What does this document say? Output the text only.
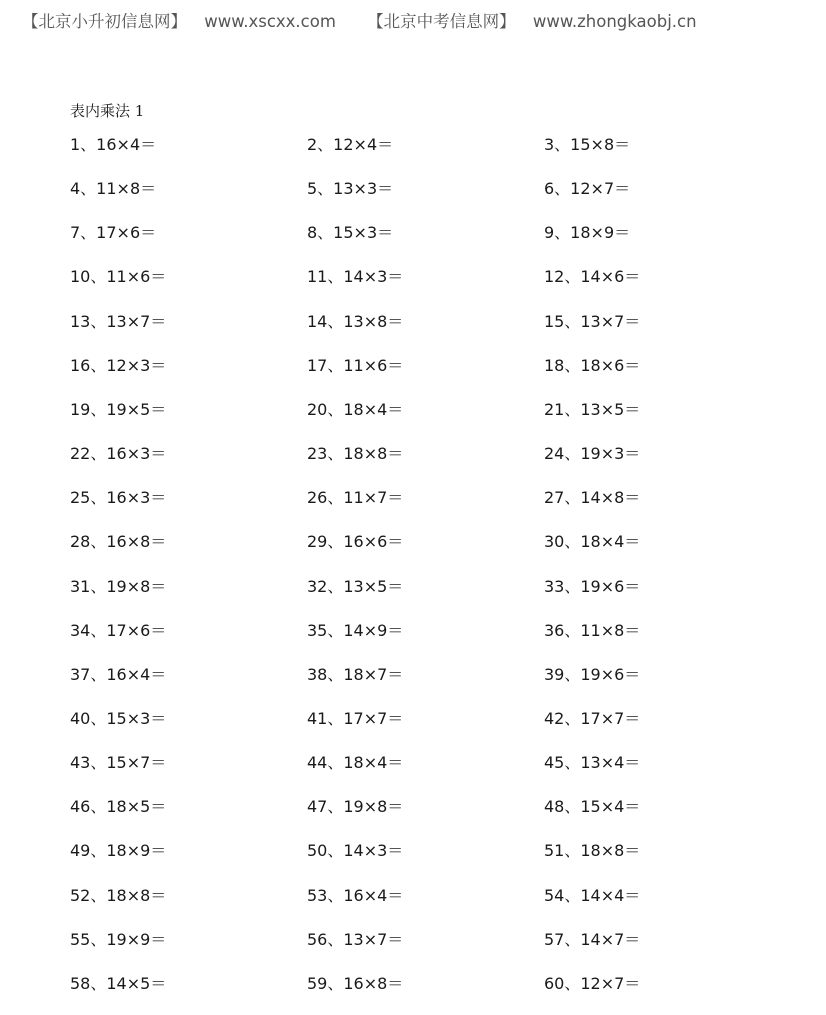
【北京小升初信息网】 www.xscxx.com 【北京中考信息网】 www.zhongkaobj.cn
表内乘法 1
1、16×4＝	2、12×4＝	3、15×8＝
4、11×8＝	5、13×3＝	6、12×7＝
7、17×6＝	8、15×3＝	9、18×9＝
10、11×6＝	11、14×3＝	12、14×6＝
13、13×7＝	14、13×8＝	15、13×7＝
16、12×3＝	17、11×6＝	18、18×6＝
19、19×5＝	20、18×4＝	21、13×5＝
22、16×3＝	23、18×8＝	24、19×3＝
25、16×3＝	26、11×7＝	27、14×8＝
28、16×8＝	29、16×6＝	30、18×4＝
31、19×8＝	32、13×5＝	33、19×6＝
34、17×6＝	35、14×9＝	36、11×8＝
37、16×4＝	38、18×7＝	39、19×6＝
40、15×3＝	41、17×7＝	42、17×7＝
43、15×7＝	44、18×4＝	45、13×4＝
46、18×5＝	47、19×8＝	48、15×4＝
49、18×9＝	50、14×3＝	51、18×8＝
52、18×8＝	53、16×4＝	54、14×4＝
55、19×9＝	56、13×7＝	57、14×7＝
58、14×5＝	59、16×8＝	60、12×7＝
